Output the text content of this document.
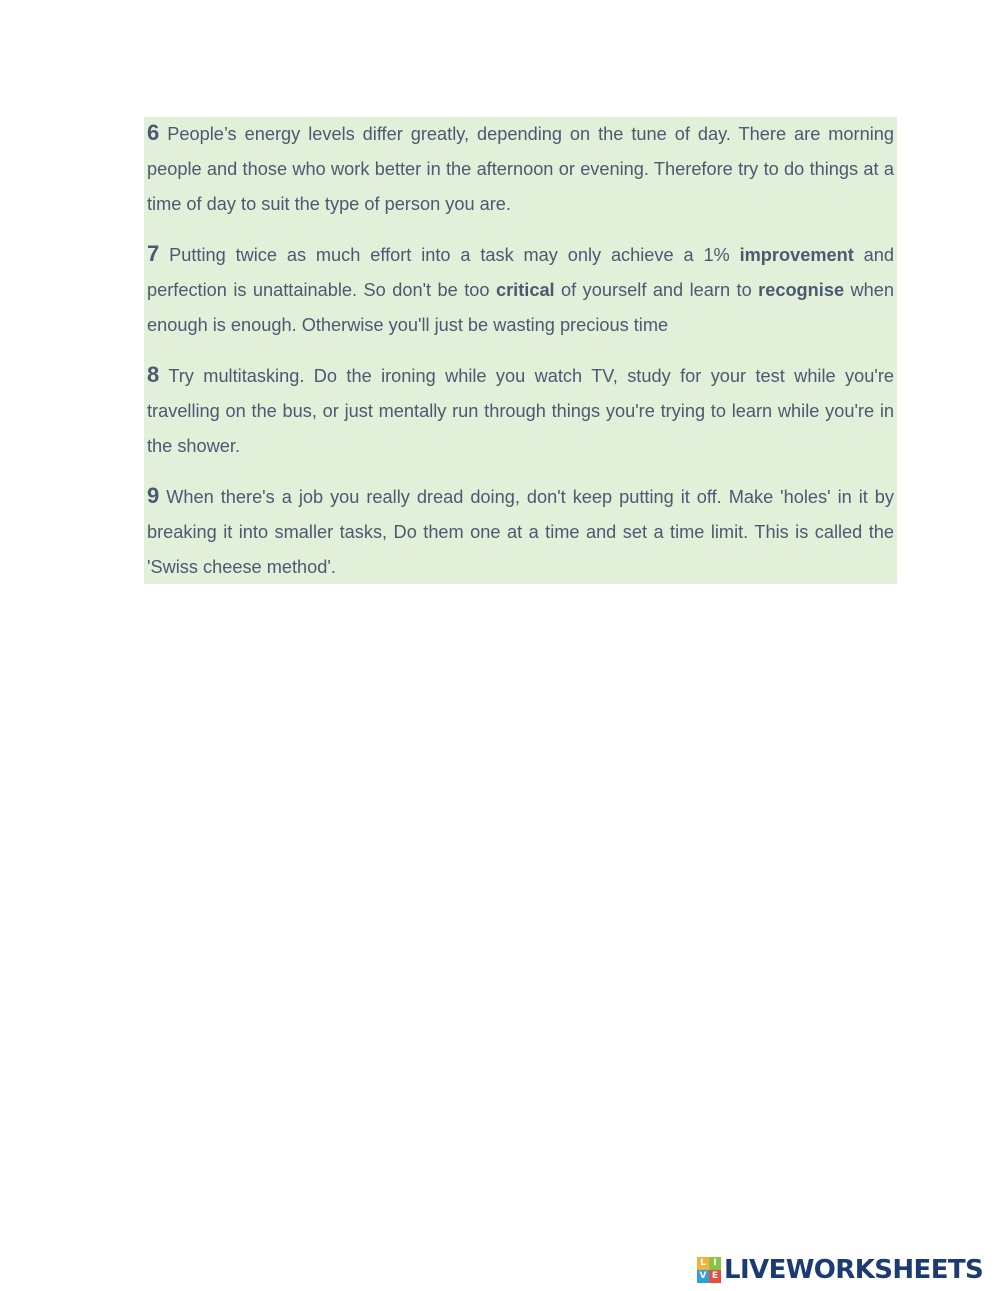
6 People’s energy levels differ greatly, depending on the tune of day. There are morning people and those who work better in the afternoon or evening. Therefore try to do things at a time of day to suit the type of person you are.

7 Putting twice as much effort into a task may only achieve a 1% improvement and perfection is unattainable. So don't be too critical of yourself and learn to recognise when enough is enough. Otherwise you'll just be wasting precious time

8 Try multitasking. Do the ironing while you watch TV, study for your test while you're travelling on the bus, or just mentally run through things you're trying to learn while you're in the shower.

9 When there's a job you really dread doing, don't keep putting it off. Make 'holes' in it by breaking it into smaller tasks, Do them one at a time and set a time limit. This is called the 'Swiss cheese method'.

L I
V E LIVEWORKSHEETS
